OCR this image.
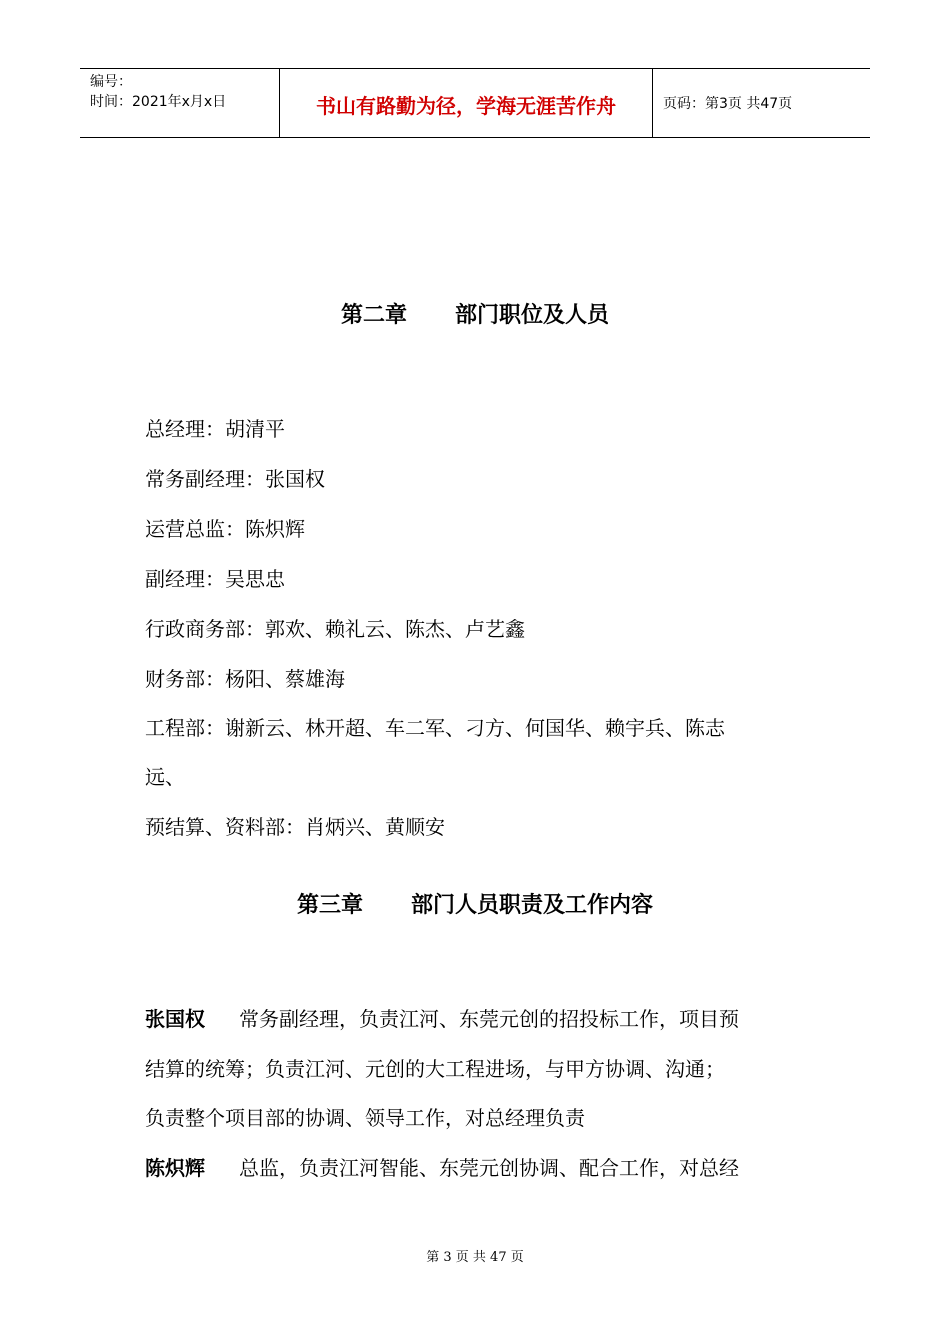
编号：
时间：2021年x月x日	书山有路勤为径，学海无涯苦作舟	页码：第3页 共47页
第二章 部门职位及人员
总经理：胡清平
常务副经理：张国权
运营总监：陈炽辉
副经理：吴思忠
行政商务部：郭欢、赖礼云、陈杰、卢艺鑫
财务部：杨阳、蔡雄海
工程部：谢新云、林开超、车二军、刁方、何国华、赖宇兵、陈志
远、
预结算、资料部：肖炳兴、黄顺安
第三章 部门人员职责及工作内容
张国权 常务副经理，负责江河、东莞元创的招投标工作，项目预
结算的统筹；负责江河、元创的大工程进场，与甲方协调、沟通；
负责整个项目部的协调、领导工作，对总经理负责
陈炽辉 总监，负责江河智能、东莞元创协调、配合工作，对总经
第 3 页 共 47 页
